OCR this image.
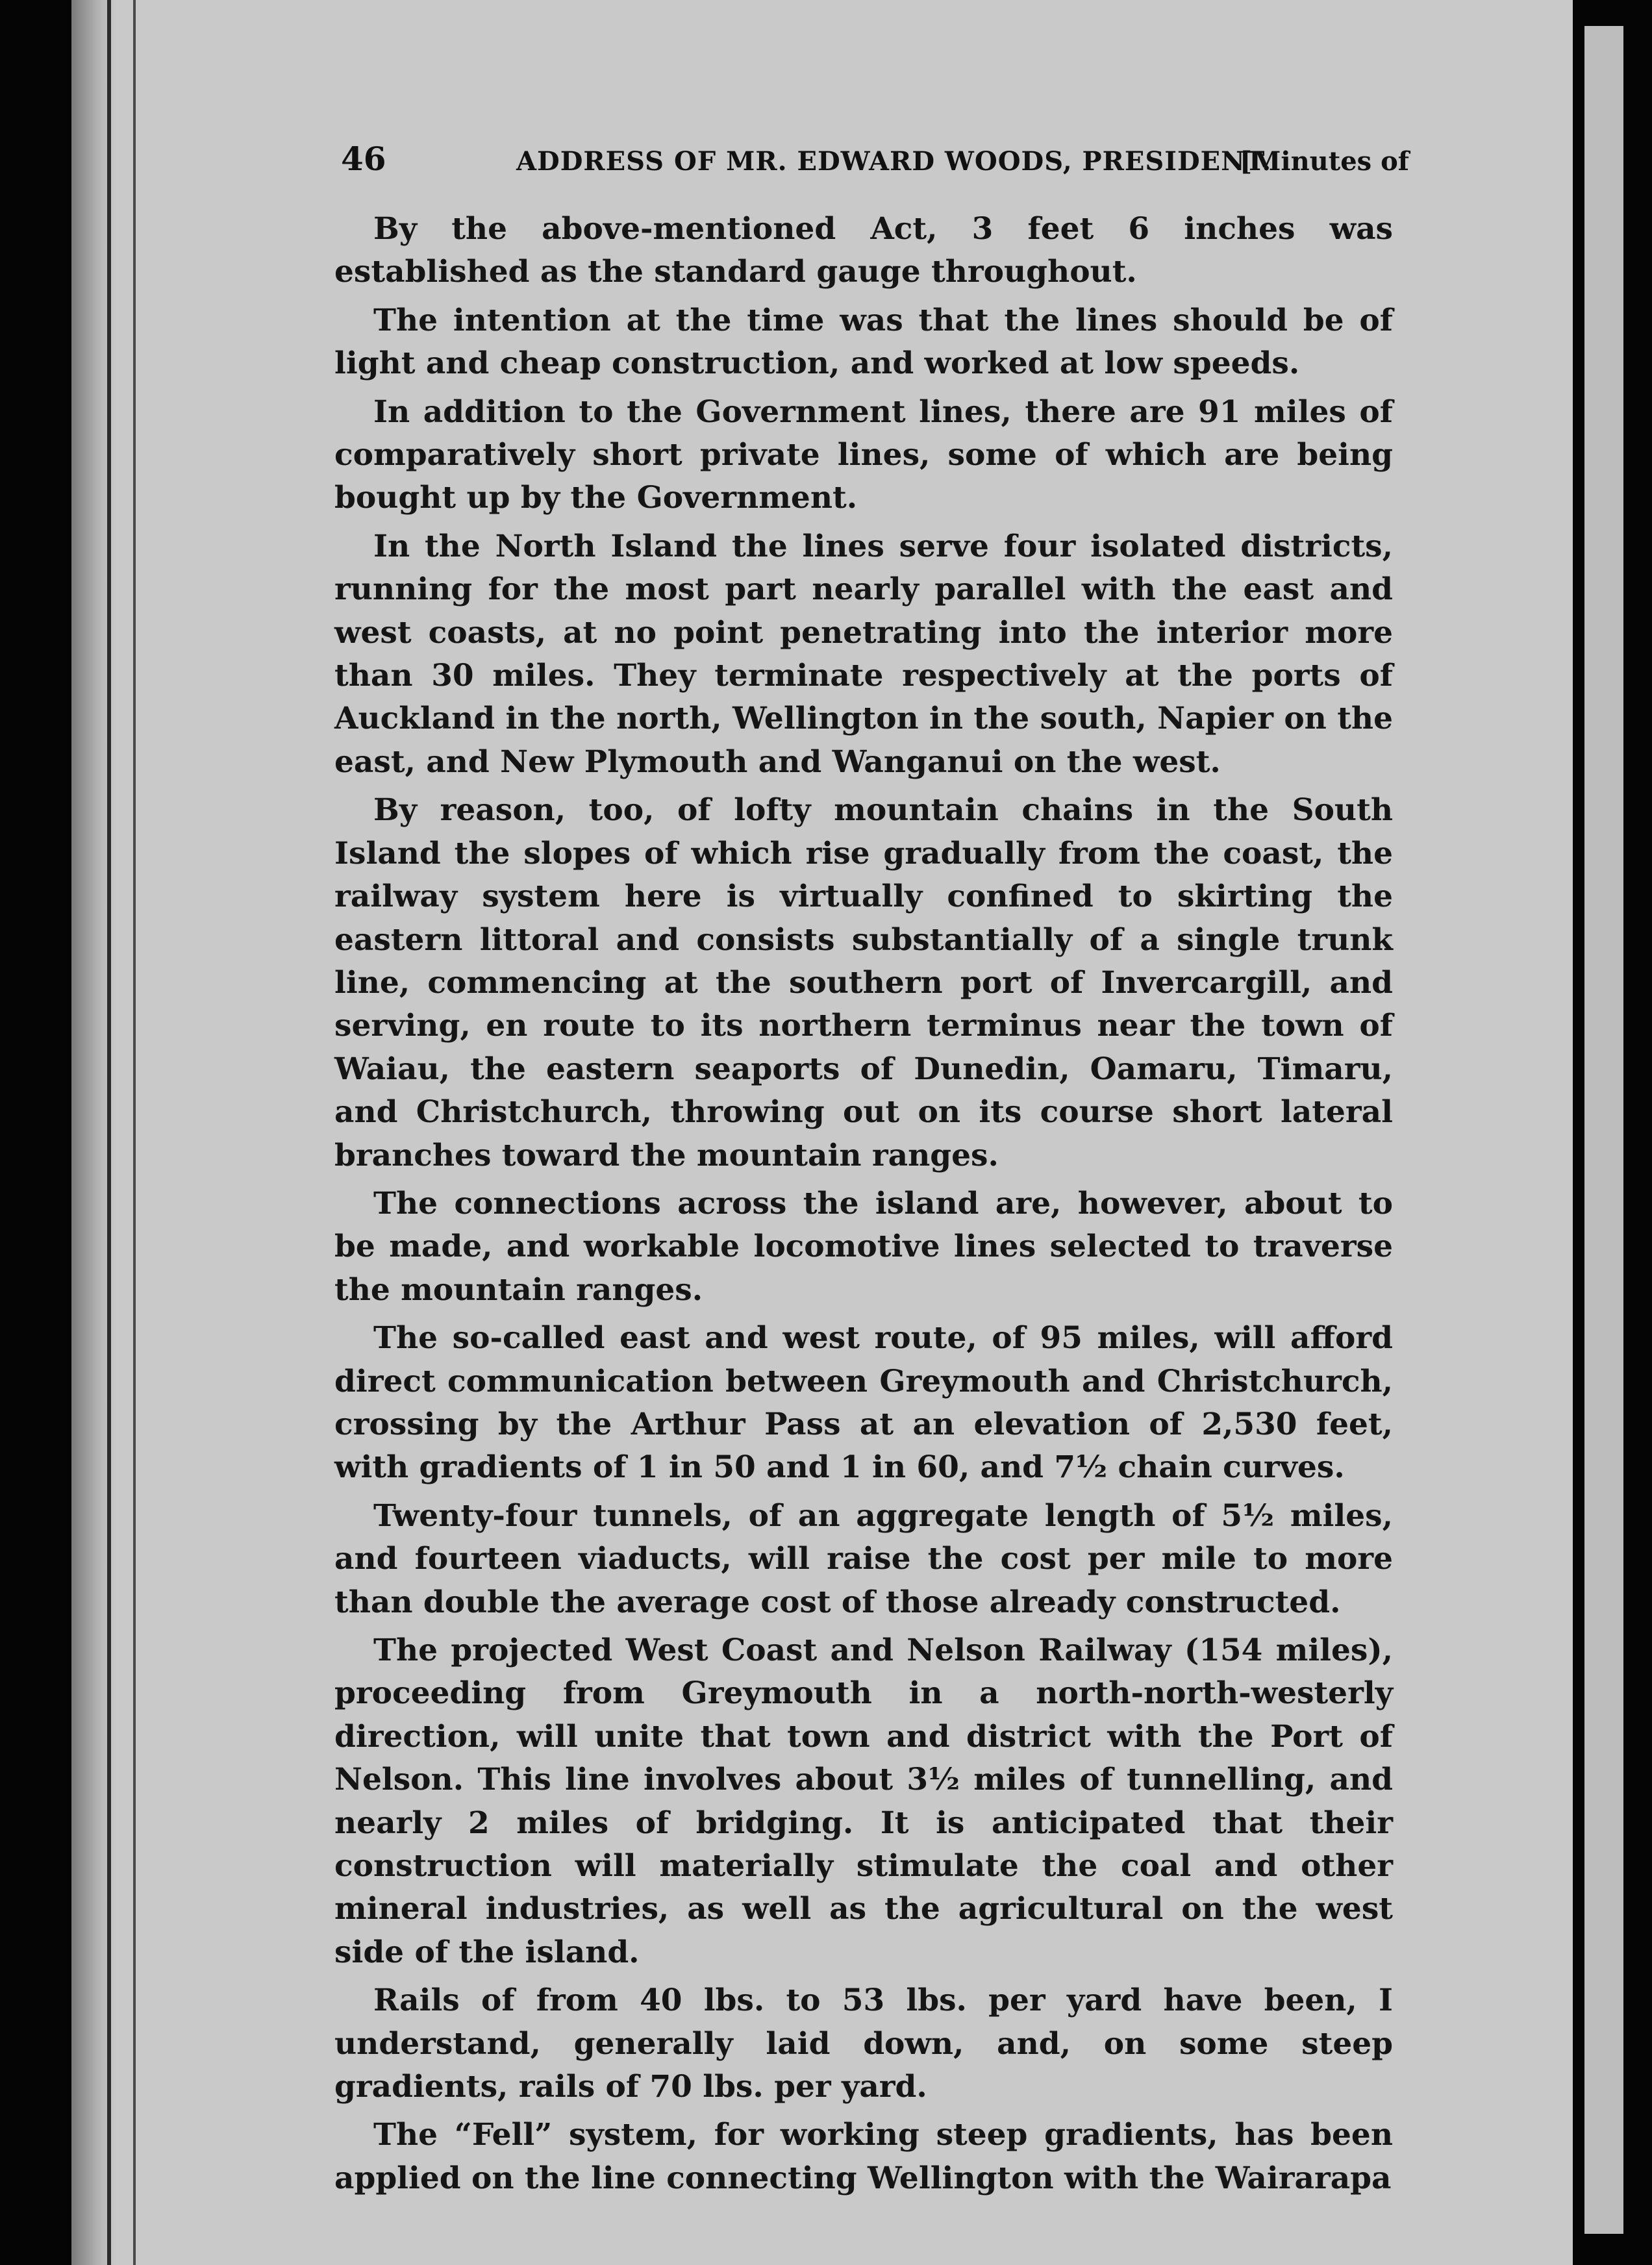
46	ADDRESS OF MR. EDWARD WOODS, PRESIDENT.
[Minutes of

By the above-mentioned Act, 3 feet 6 inches was established as the standard gauge throughout.

The intention at the time was that the lines should be of light and cheap construction, and worked at low speeds.

In addition to the Government lines, there are 91 miles of comparatively short private lines, some of which are being bought up by the Government.

In the North Island the lines serve four isolated districts, running for the most part nearly parallel with the east and west coasts, at no point penetrating into the interior more than 30 miles. They terminate respectively at the ports of Auckland in the north, Wellington in the south, Napier on the east, and New Plymouth and Wanganui on the west.

By reason, too, of lofty mountain chains in the South Island the slopes of which rise gradually from the coast, the railway system here is virtually confined to skirting the eastern littoral and consists substantially of a single trunk line, commencing at the southern port of Invercargill, and serving, en route to its northern terminus near the town of Waiau, the eastern seaports of Dunedin, Oamaru, Timaru, and Christchurch, throwing out on its course short lateral branches toward the mountain ranges.

The connections across the island are, however, about to be made, and workable locomotive lines selected to traverse the mountain ranges.

The so-called east and west route, of 95 miles, will afford direct communication between Greymouth and Christchurch, crossing by the Arthur Pass at an elevation of 2,530 feet, with gradients of 1 in 50 and 1 in 60, and 7½ chain curves.

Twenty-four tunnels, of an aggregate length of 5½ miles, and fourteen viaducts, will raise the cost per mile to more than double the average cost of those already constructed.

The projected West Coast and Nelson Railway (154 miles), proceeding from Greymouth in a north-north-westerly direction, will unite that town and district with the Port of Nelson. This line involves about 3½ miles of tunnelling, and nearly 2 miles of bridging. It is anticipated that their construction will materially stimulate the coal and other mineral industries, as well as the agricultural on the west side of the island.

Rails of from 40 lbs. to 53 lbs. per yard have been, I understand, generally laid down, and, on some steep gradients, rails of 70 lbs. per yard.

The “Fell” system, for working steep gradients, has been applied on the line connecting Wellington with the Wairarapa
